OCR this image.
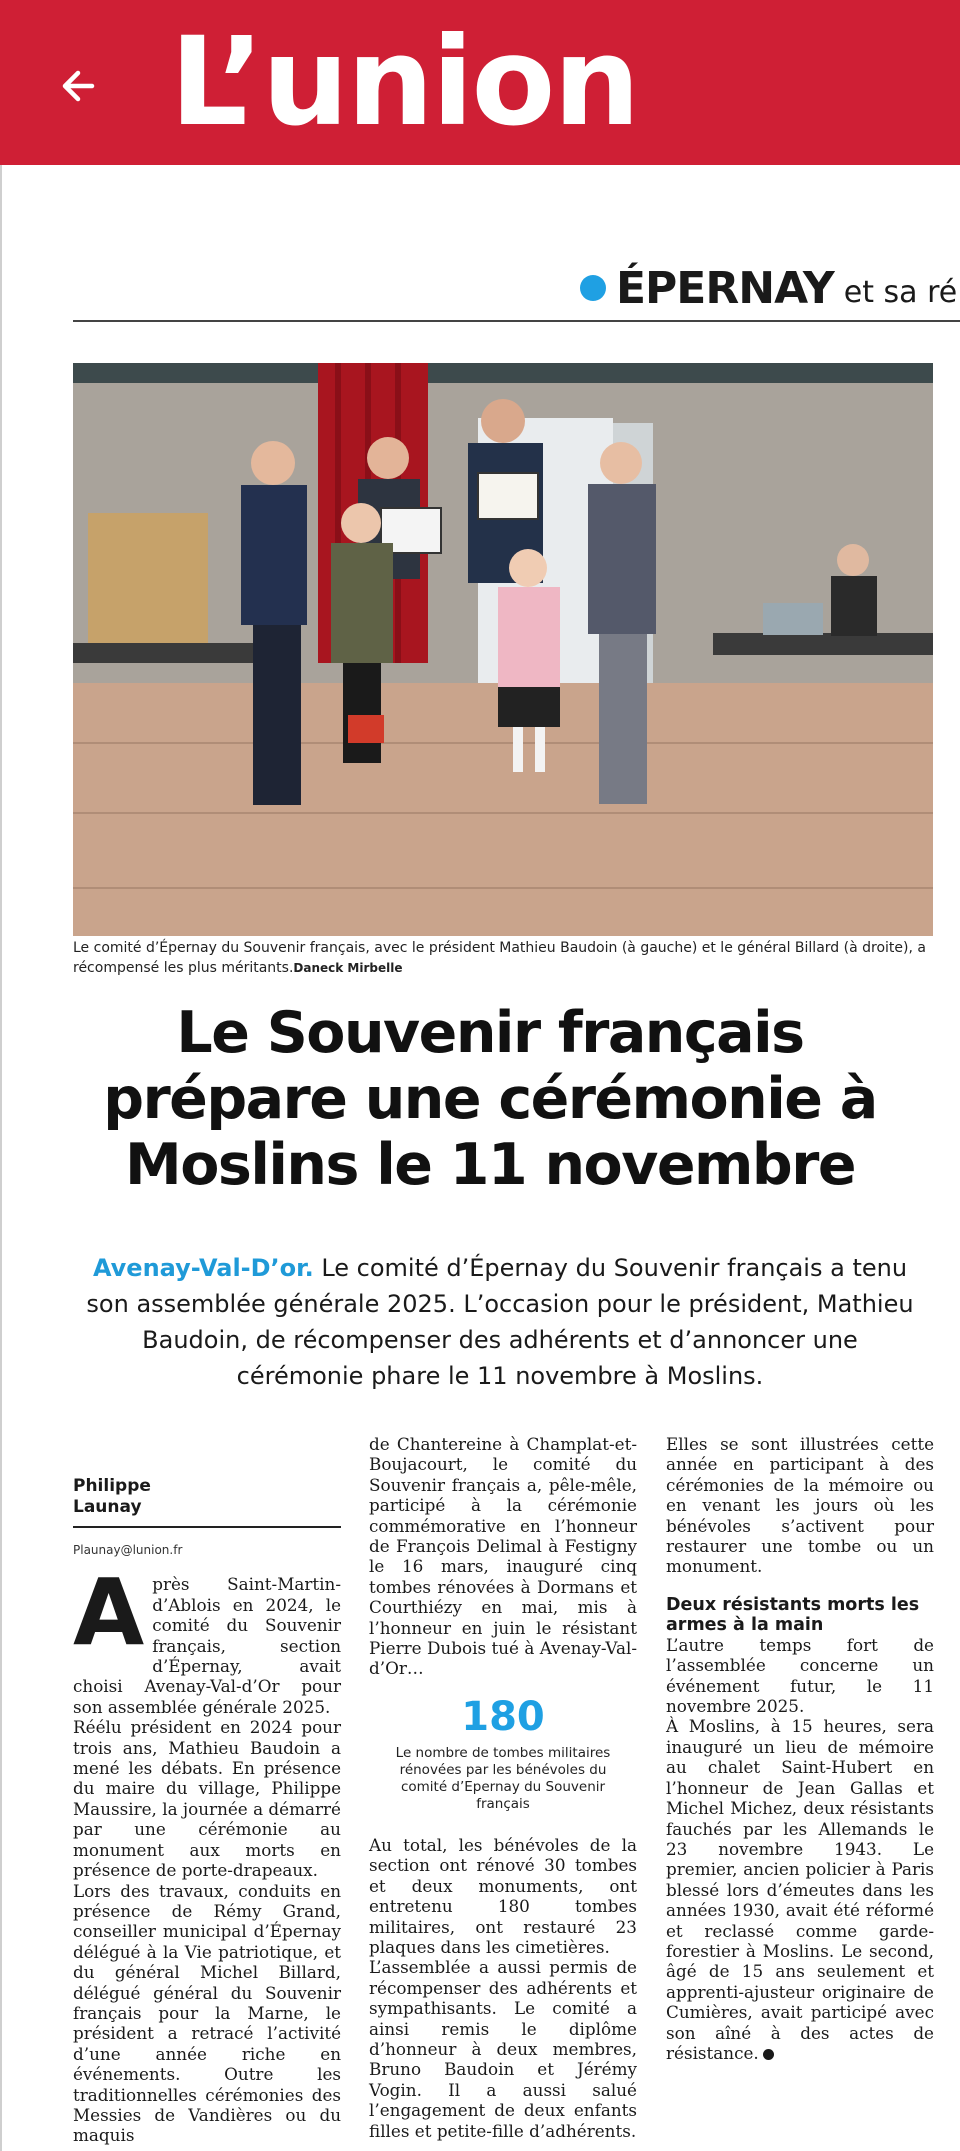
L’union
ÉPERNAY et sa ré
Le comité d’Épernay du Souvenir français, avec le président Mathieu Baudoin (à gauche) et le général Billard (à droite), a récompensé les plus méritants.Daneck Mirbelle
Le Souvenir français prépare une cérémonie à Moslins le 11 novembre
Avenay-Val-D’or. Le comité d’Épernay du Souvenir français a tenu son assemblée générale 2025. L’occasion pour le président, Mathieu Baudoin, de récompenser des adhérents et d’annoncer une cérémonie phare le 11 novembre à Moslins.
Philippe Launay
Plaunay@lunion.fr

Après Saint-Martin-d’Ablois en 2024, le comité du Souvenir français, section d’Épernay, avait choisi Avenay-Val-d’Or pour son assemblée générale 2025.

Réélu président en 2024 pour trois ans, Mathieu Baudoin a mené les débats. En présence du maire du village, Philippe Maussire, la journée a démarré par une cérémonie au monument aux morts en présence de porte-drapeaux.

Lors des travaux, conduits en présence de Rémy Grand, conseiller municipal d’Épernay délégué à la Vie patriotique, et du général Michel Billard, délégué général du Souvenir français pour la Marne, le président a retracé l’activité d’une année riche en événements. Outre les traditionnelles cérémonies des Messies de Vandières ou du maquis

de Chantereine à Champlat-et-Boujacourt, le comité du Souvenir français a, pêle-mêle, participé à la cérémonie commémorative en l’honneur de François Delimal à Festigny le 16 mars, inauguré cinq tombes rénovées à Dormans et Courthiézy en mai, mis à l’honneur en juin le résistant Pierre Dubois tué à Avenay-Val-d’Or…

180
Le nombre de tombes militaires rénovées par les bénévoles du comité d’Epernay du Souvenir français

Au total, les bénévoles de la section ont rénové 30 tombes et deux monuments, ont entretenu 180 tombes militaires, ont restauré 23 plaques dans les cimetières.

L’assemblée a aussi permis de récompenser des adhérents et sympathisants. Le comité a ainsi remis le diplôme d’honneur à deux membres, Bruno Baudoin et Jérémy Vogin. Il a aussi salué l’engagement de deux enfants filles et petite-fille d’adhérents.

Elles se sont illustrées cette année en participant à des cérémonies de la mémoire ou en venant les jours où les bénévoles s’activent pour restaurer une tombe ou un monument.

Deux résistants morts les armes à la main

L’autre temps fort de l’assemblée concerne un événement futur, le 11 novembre 2025.

À Moslins, à 15 heures, sera inauguré un lieu de mémoire au chalet Saint-Hubert en l’honneur de Jean Gallas et Michel Michez, deux résistants fauchés par les Allemands le 23 novembre 1943. Le premier, ancien policier à Paris blessé lors d’émeutes dans les années 1930, avait été réformé et reclassé comme garde-forestier à Moslins. Le second, âgé de 15 ans seulement et apprenti-ajusteur originaire de Cumières, avait participé avec son aîné à des actes de résistance.
